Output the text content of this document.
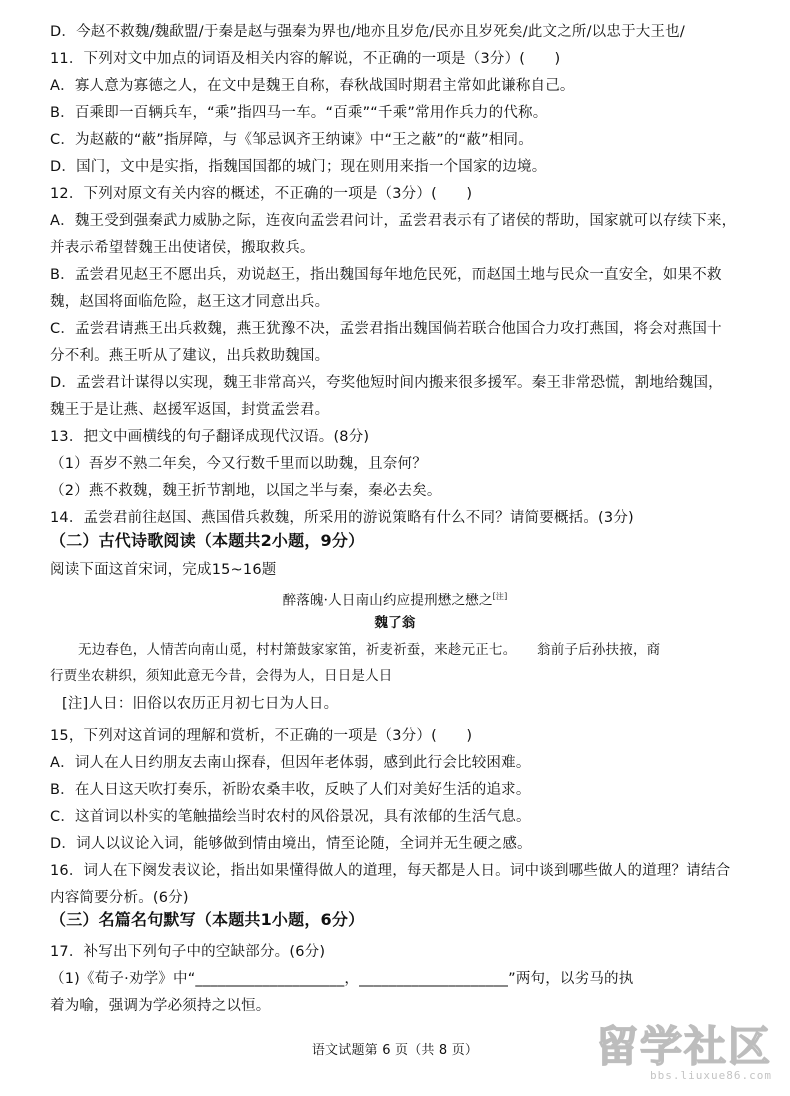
D．今赵不救魏/魏歃盟/于秦是赵与强秦为界也/地亦且岁危/民亦且岁死矣/此文之所/以忠于大王也/
11．下列对文中加点的词语及相关内容的解说，不正确的一项是（3分）(　　)
A．寡人意为寡德之人，在文中是魏王自称，春秋战国时期君主常如此谦称自己。
B．百乘即一百辆兵车，“乘”指四马一车。“百乘”“千乘”常用作兵力的代称。
C．为赵蔽的“蔽”指屏障，与《邹忌讽齐王纳谏》中“王之蔽”的“蔽”相同。
D．国门，文中是实指，指魏国国都的城门；现在则用来指一个国家的边境。
12．下列对原文有关内容的概述，不正确的一项是（3分）(　　)
A．魏王受到强秦武力威胁之际，连夜向孟尝君问计，孟尝君表示有了诸侯的帮助，国家就可以存续下来，
并表示希望替魏王出使诸侯，搬取救兵。
B．孟尝君见赵王不愿出兵，劝说赵王，指出魏国每年地危民死，而赵国土地与民众一直安全，如果不救
魏，赵国将面临危险，赵王这才同意出兵。
C．孟尝君请燕王出兵救魏，燕王犹豫不决，孟尝君指出魏国倘若联合他国合力攻打燕国，将会对燕国十
分不利。燕王听从了建议，出兵救助魏国。
D．孟尝君计谋得以实现，魏王非常高兴，夸奖他短时间内搬来很多援军。秦王非常恐慌，割地给魏国，
魏王于是让燕、赵援军返国，封赏孟尝君。
13．把文中画横线的句子翻译成现代汉语。(8分)
（1）吾岁不熟二年矣，今又行数千里而以助魏，且奈何？
（2）燕不救魏，魏王折节割地，以国之半与秦，秦必去矣。
14．孟尝君前往赵国、燕国借兵救魏，所采用的游说策略有什么不同？请简要概括。(3分)
（二）古代诗歌阅读（本题共2小题，9分）
阅读下面这首宋词，完成15~16题
醉落魄·人日南山约应提刑懋之懋之[注]
魏了翁
无边春色，人情苦向南山觅，村村箫鼓家家笛，祈麦祈蚕，来趁元正七。　　翁前子后孙扶掖，商
行贾坐农耕织，须知此意无今昔，会得为人，日日是人日
[注]人日：旧俗以农历正月初七日为人日。
15，下列对这首词的理解和赏析，不正确的一项是（3分）(　　)
A．词人在人日约朋友去南山探春，但因年老体弱，感到此行会比较困难。
B．在人日这天吹打奏乐，祈盼农桑丰收，反映了人们对美好生活的追求。
C．这首词以朴实的笔触描绘当时农村的风俗景况，具有浓郁的生活气息。
D．词人以议论入词，能够做到情由境出，情至论随，全词并无生硬之感。
16．词人在下阕发表议论，指出如果懂得做人的道理，每天都是人日。词中谈到哪些做人的道理？请结合
内容简要分析。(6分)
（三）名篇名句默写（本题共1小题，6分）
17．补写出下列句子中的空缺部分。(6分)
（1)《荀子·劝学》中“____________________，____________________”两句，以劣马的执
着为喻，强调为学必须持之以恒。
语文试题第 6 页（共 8 页）	留学社区
bbs.liuxue86.com
